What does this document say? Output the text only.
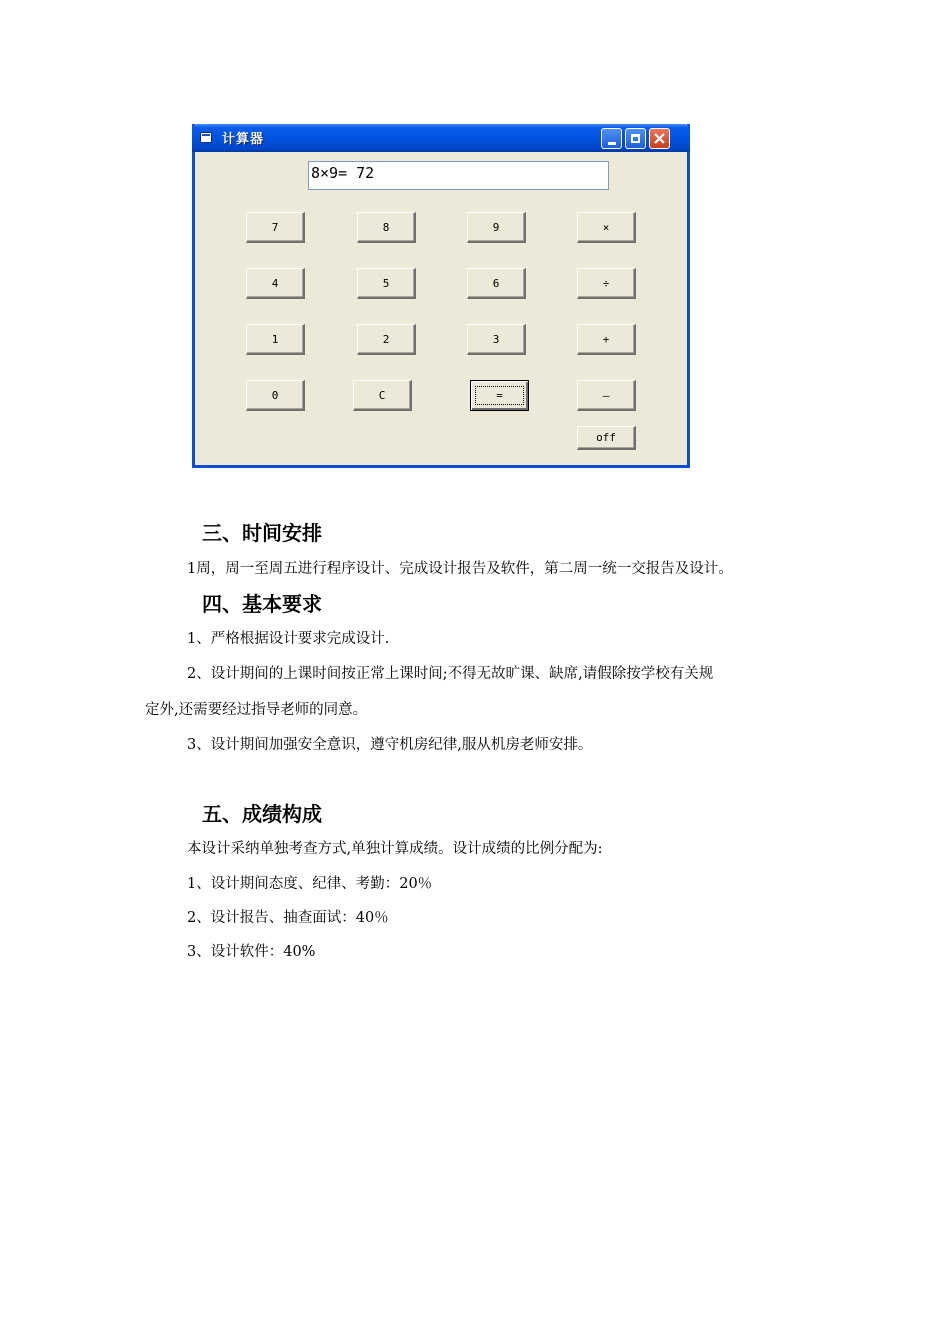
计算器
8×9= 72
7	8	9	×
4	5	6	÷
1	2	3	+
0	C	=	—
off
三、时间安排

1周，周一至周五进行程序设计、完成设计报告及软件，第二周一统一交报告及设计。

四、基本要求

1、严格根据设计要求完成设计.

2、设计期间的上课时间按正常上课时间;不得无故旷课、缺席,请假除按学校有关规

定外,还需要经过指导老师的同意。

3、设计期间加强安全意识，遵守机房纪律,服从机房老师安排。

五、成绩构成

本设计采纳单独考查方式,单独计算成绩。设计成绩的比例分配为:

1、设计期间态度、纪律、考勤：20％

2、设计报告、抽查面试：40％

3、设计软件：40%
